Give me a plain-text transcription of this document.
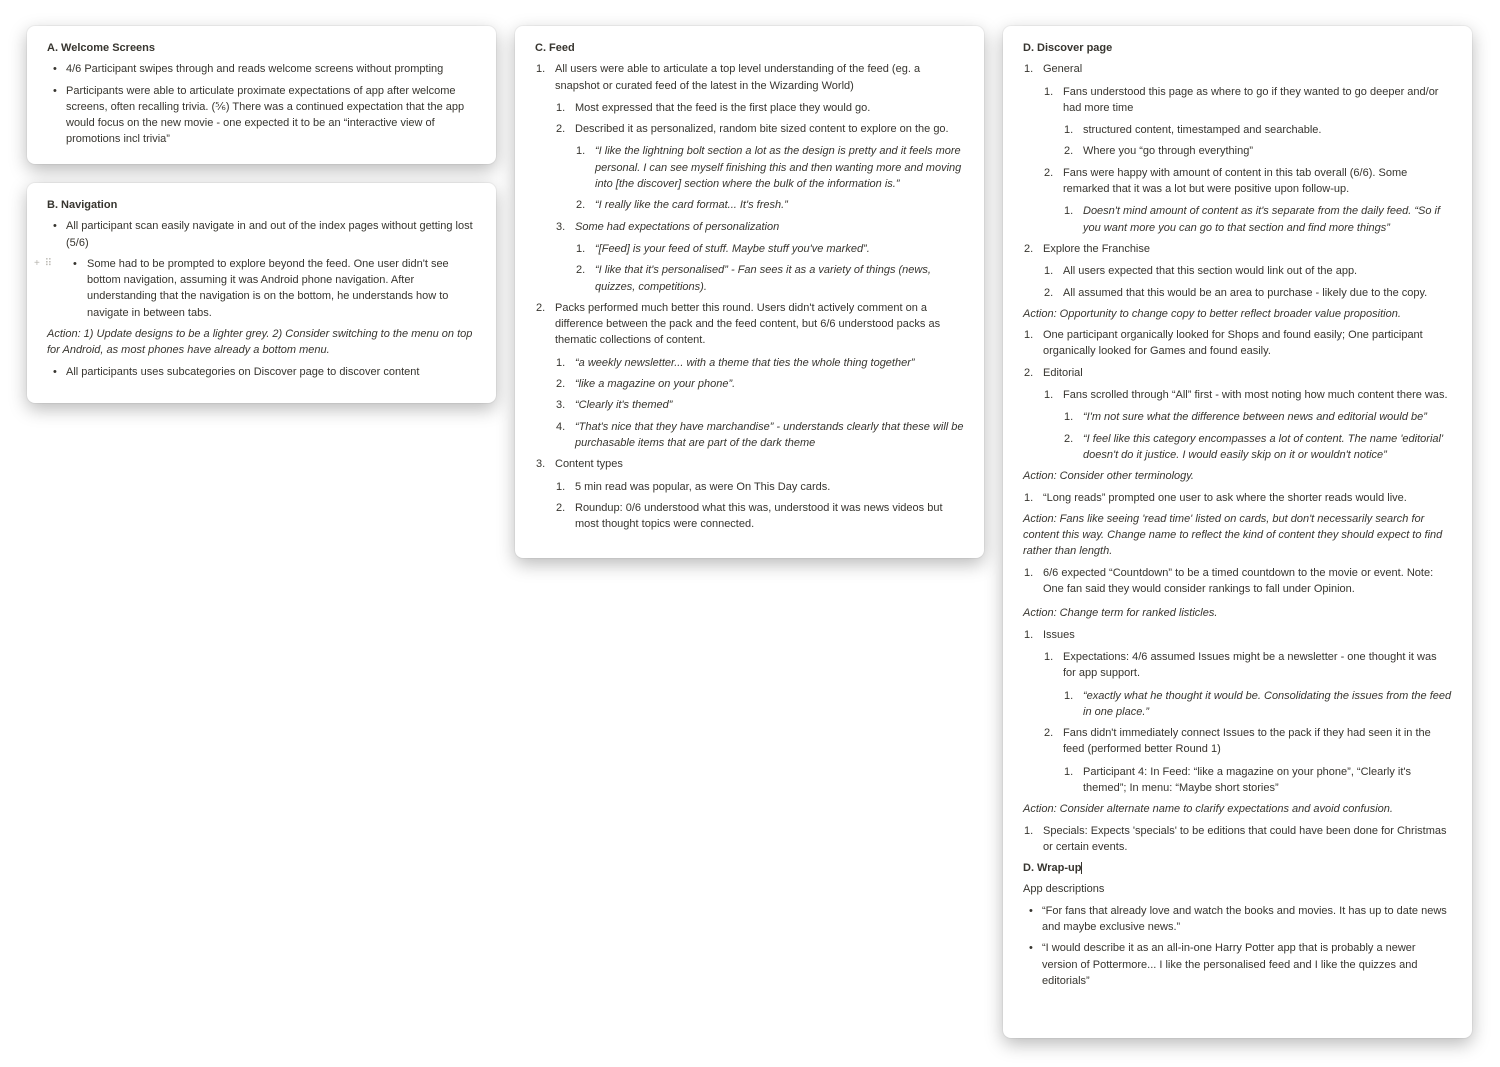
A. Welcome Screens
• 4/6 Participant swipes through and reads welcome screens without prompting
• Participants were able to articulate proximate expectations of app after welcome screens, often recalling trivia. (⅚) There was a continued expectation that the app would focus on the new movie - one expected it to be an “interactive view of promotions incl trivia”
B. Navigation
• All participant scan easily navigate in and out of the index pages without getting lost (5/6)
+ ⠿ • Some had to be prompted to explore beyond the feed. One user didn't see bottom navigation, assuming it was Android phone navigation. After understanding that the navigation is on the bottom, he understands how to navigate in between tabs.
Action: 1) Update designs to be a lighter grey. 2) Consider switching to the menu on top for Android, as most phones have already a bottom menu.
• All participants uses subcategories on Discover page to discover content
C. Feed
1. All users were able to articulate a top level understanding of the feed (eg. a snapshot or curated feed of the latest in the Wizarding World)
1. Most expressed that the feed is the first place they would go.
2. Described it as personalized, random bite sized content to explore on the go.
1. “I like the lightning bolt section a lot as the design is pretty and it feels more personal. I can see myself finishing this and then wanting more and moving into [the discover] section where the bulk of the information is.”
2. “I really like the card format... It's fresh.”
3. Some had expectations of personalization
1. “[Feed] is your feed of stuff. Maybe stuff you've marked”.
2. “I like that it's personalised” - Fan sees it as a variety of things (news, quizzes, competitions).
2. Packs performed much better this round. Users didn't actively comment on a difference between the pack and the feed content, but 6/6 understood packs as thematic collections of content.
1. “a weekly newsletter... with a theme that ties the whole thing together”
2. “like a magazine on your phone”.
3. “Clearly it's themed”
4. “That's nice that they have marchandise” - understands clearly that these will be purchasable items that are part of the dark theme
3. Content types
1. 5 min read was popular, as were On This Day cards.
2. Roundup: 0/6 understood what this was, understood it was news videos but most thought topics were connected.
D. Discover page
1. General
1. Fans understood this page as where to go if they wanted to go deeper and/or had more time
1. structured content, timestamped and searchable.
2. Where you “go through everything”
2. Fans were happy with amount of content in this tab overall (6/6). Some remarked that it was a lot but were positive upon follow-up.
1. Doesn't mind amount of content as it's separate from the daily feed. “So if you want more you can go to that section and find more things”
2. Explore the Franchise
1. All users expected that this section would link out of the app.
2. All assumed that this would be an area to purchase - likely due to the copy.
Action: Opportunity to change copy to better reflect broader value proposition.
1. One participant organically looked for Shops and found easily; One participant organically looked for Games and found easily.
2. Editorial
1. Fans scrolled through “All” first - with most noting how much content there was.
1. “I'm not sure what the difference between news and editorial would be”
2. “I feel like this category encompasses a lot of content. The name 'editorial' doesn't do it justice. I would easily skip on it or wouldn't notice”
Action: Consider other terminology.
1. “Long reads” prompted one user to ask where the shorter reads would live.
Action: Fans like seeing 'read time' listed on cards, but don't necessarily search for content this way. Change name to reflect the kind of content they should expect to find rather than length.
1. 6/6 expected “Countdown” to be a timed countdown to the movie or event. Note: One fan said they would consider rankings to fall under Opinion.
Action: Change term for ranked listicles.
1. Issues
1. Expectations: 4/6 assumed Issues might be a newsletter - one thought it was for app support.
1. “exactly what he thought it would be. Consolidating the issues from the feed in one place.”
2. Fans didn't immediately connect Issues to the pack if they had seen it in the feed (performed better Round 1)
1. Participant 4: In Feed: “like a magazine on your phone”, “Clearly it's themed”; In menu: “Maybe short stories”
Action: Consider alternate name to clarify expectations and avoid confusion.
1. Specials: Expects 'specials' to be editions that could have been done for Christmas or certain events.
D. Wrap-up
App descriptions
• “For fans that already love and watch the books and movies. It has up to date news and maybe exclusive news.”
• “I would describe it as an all-in-one Harry Potter app that is probably a newer version of Pottermore... I like the personalised feed and I like the quizzes and editorials”
